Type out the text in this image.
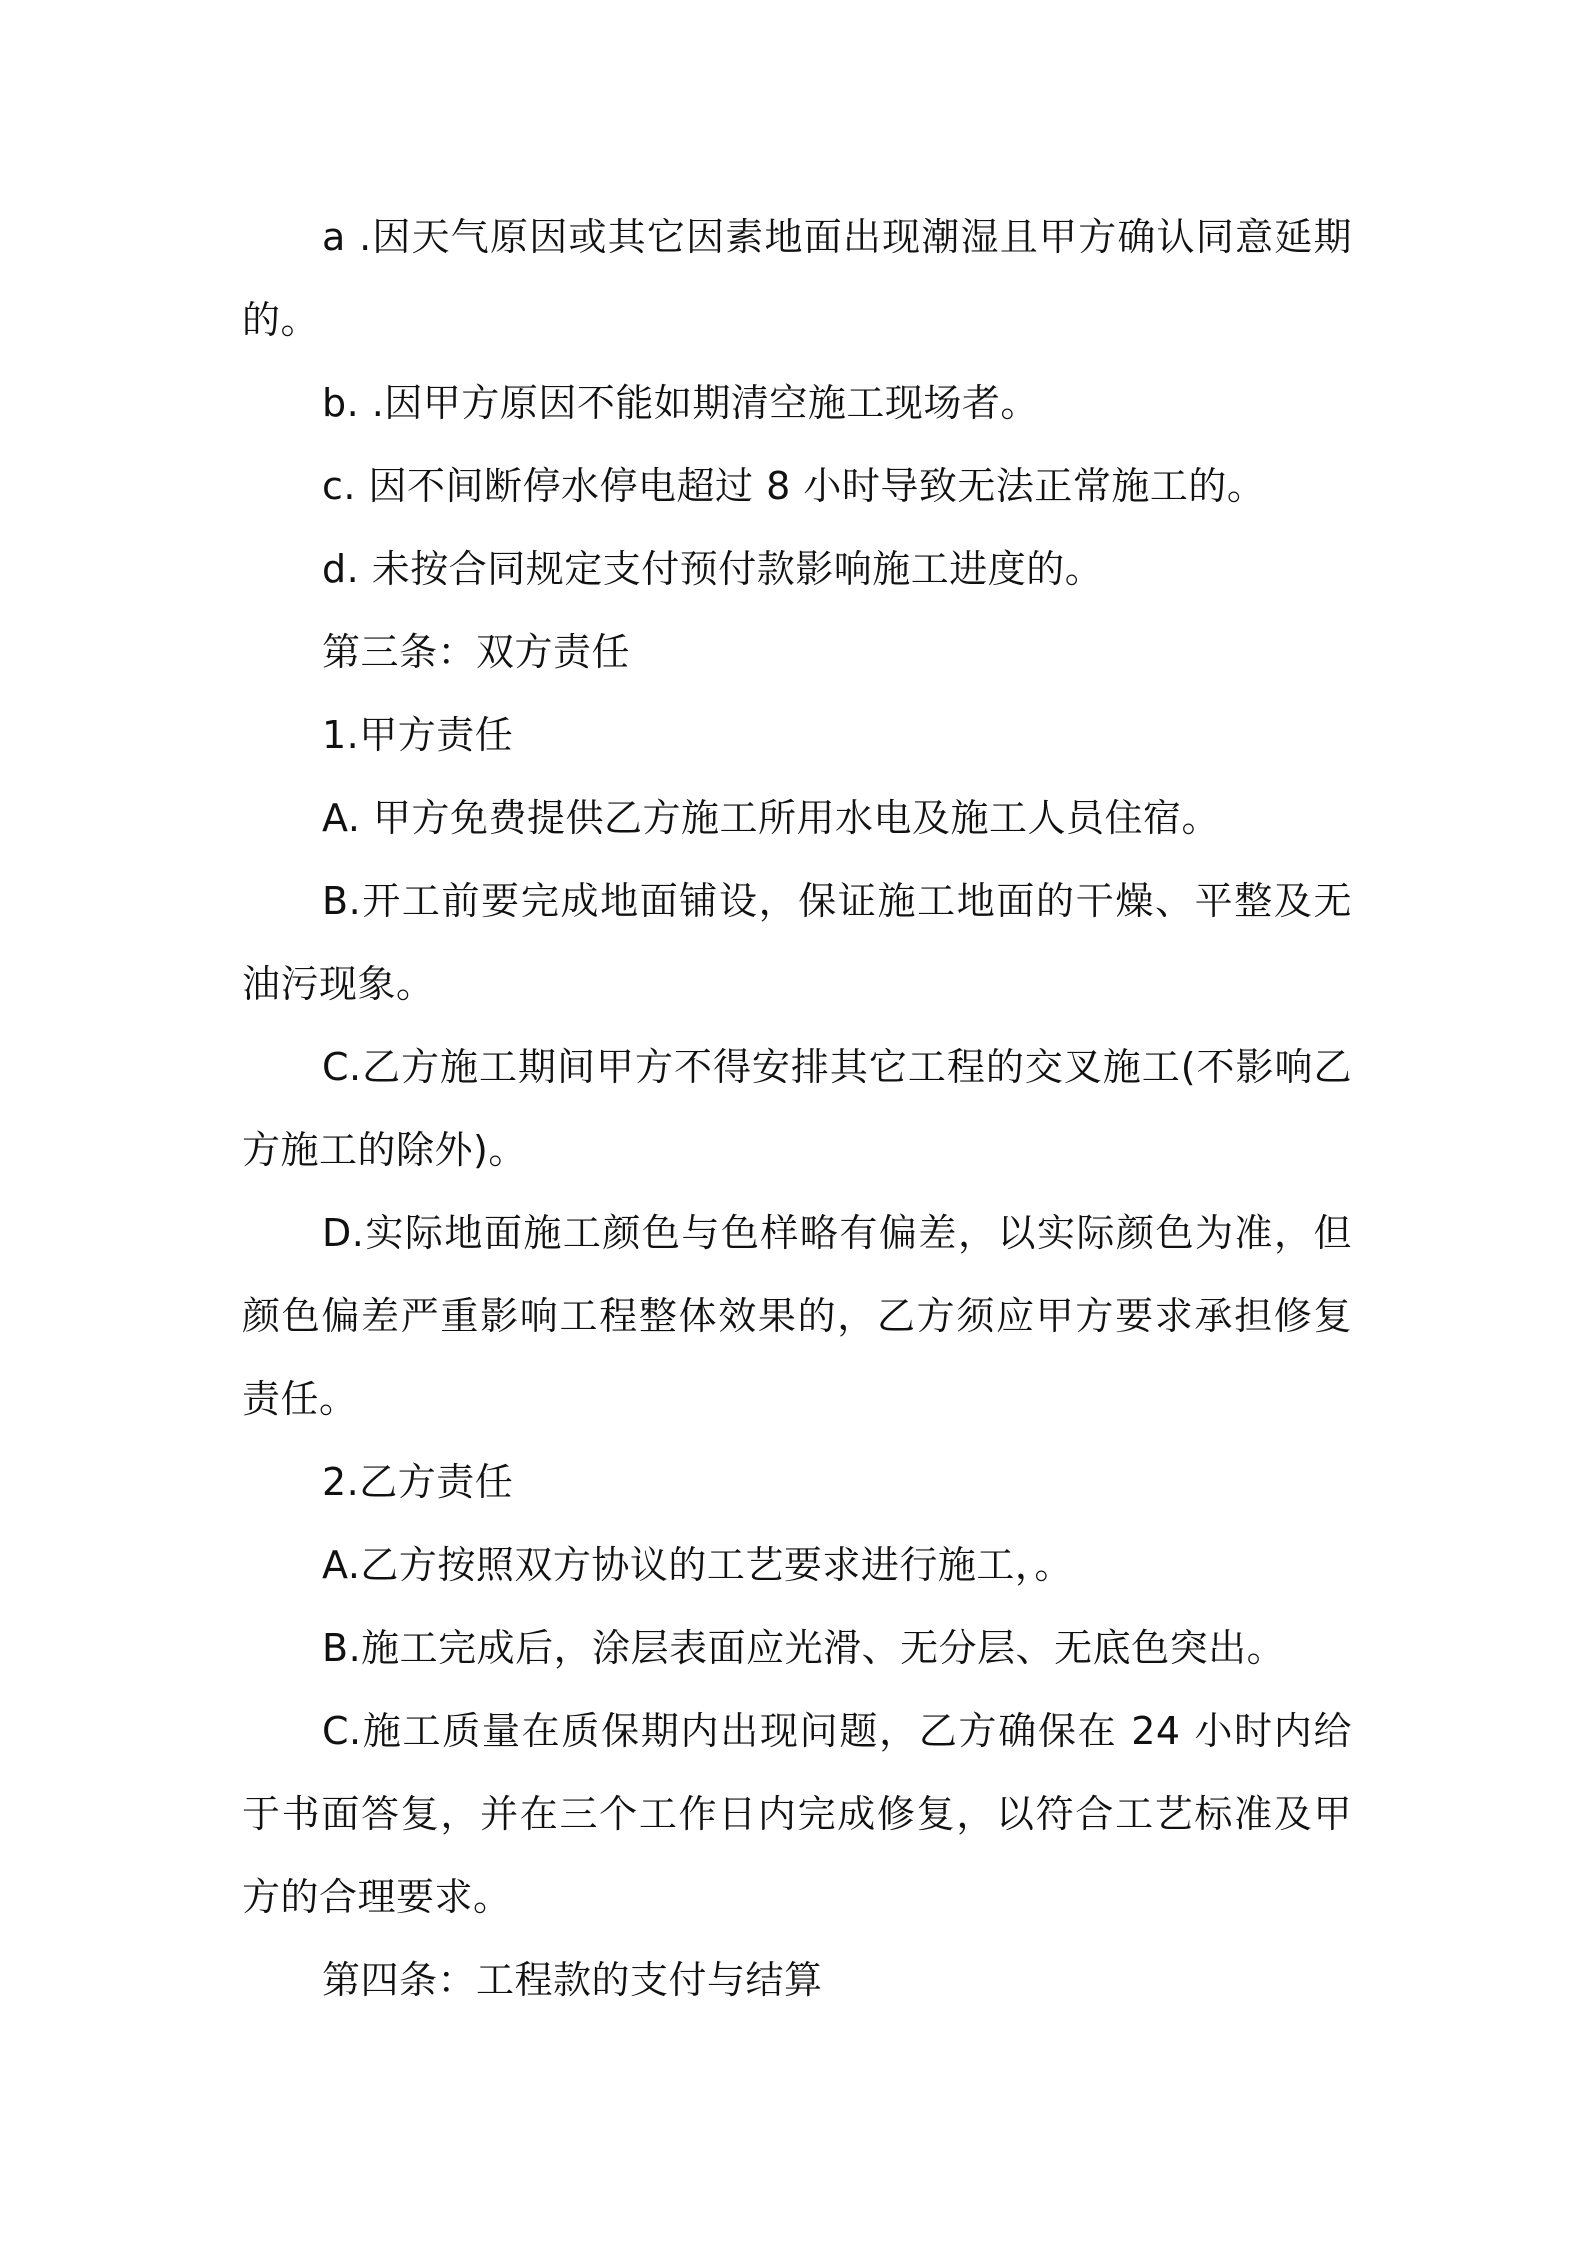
a .因天气原因或其它因素地面出现潮湿且甲方确认同意延期的。

b. .因甲方原因不能如期清空施工现场者。

c. 因不间断停水停电超过 8 小时导致无法正常施工的。

d. 未按合同规定支付预付款影响施工进度的。

第三条：双方责任

1.甲方责任

A. 甲方免费提供乙方施工所用水电及施工人员住宿。

B.开工前要完成地面铺设，保证施工地面的干燥、平整及无油污现象。

C.乙方施工期间甲方不得安排其它工程的交叉施工(不影响乙方施工的除外)。

D.实际地面施工颜色与色样略有偏差，以实际颜色为准，但颜色偏差严重影响工程整体效果的，乙方须应甲方要求承担修复责任。

2.乙方责任

A.乙方按照双方协议的工艺要求进行施工，。

B.施工完成后，涂层表面应光滑、无分层、无底色突出。

C.施工质量在质保期内出现问题，乙方确保在 24 小时内给于书面答复，并在三个工作日内完成修复，以符合工艺标准及甲方的合理要求。

第四条：工程款的支付与结算
